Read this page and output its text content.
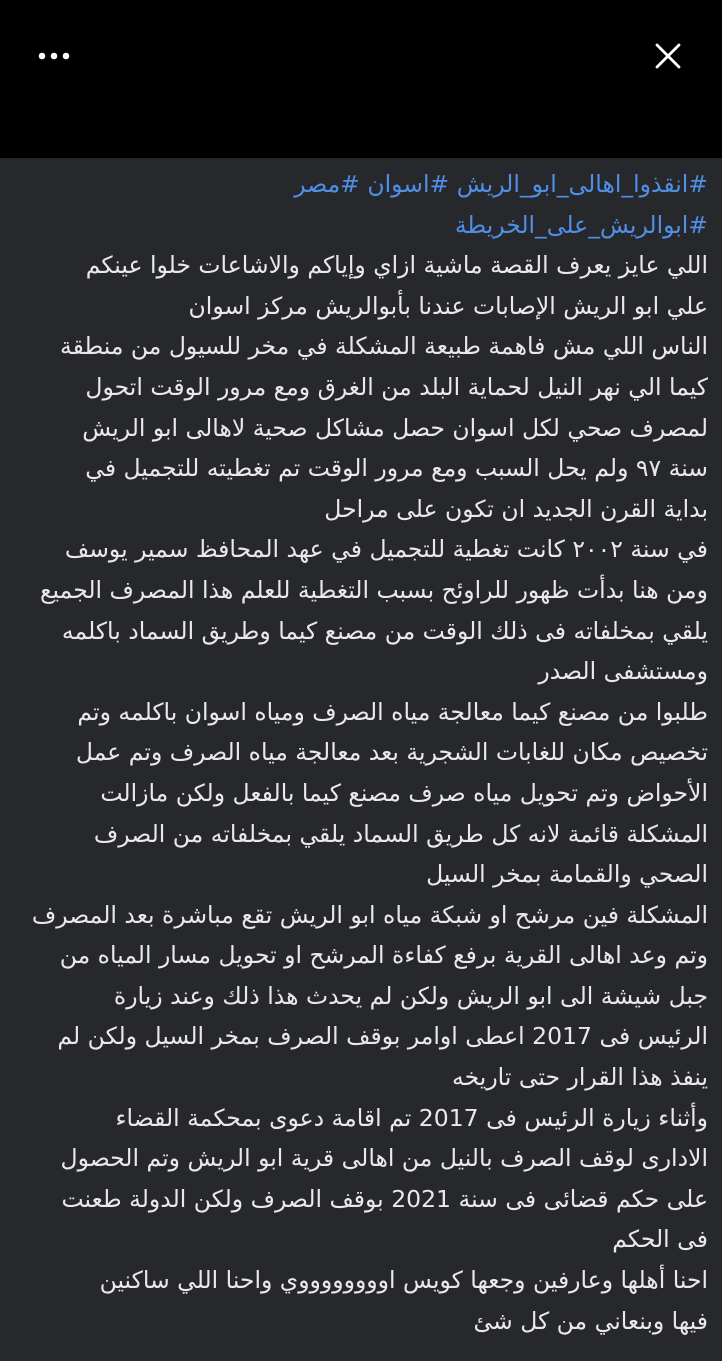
#انقذوا_اهالى_ابو_الريش #اسوان #مصر
#ابوالريش_على_الخريطة
اللي عايز يعرف القصة ماشية ازاي وإياكم والاشاعات خلوا عينكم
علي ابو الريش الإصابات عندنا بأبوالريش مركز اسوان
الناس اللي مش فاهمة طبيعة المشكلة في مخر للسيول من منطقة
كيما الي نهر النيل لحماية البلد من الغرق ومع مرور الوقت اتحول
لمصرف صحي لكل اسوان حصل مشاكل صحية لاهالى ابو الريش
سنة ٩٧ ولم يحل السبب ومع مرور الوقت تم تغطيته للتجميل في
بداية القرن الجديد ان تكون على مراحل
في سنة ٢٠٠٢ كانت تغطية للتجميل في عهد المحافظ سمير يوسف
ومن هنا بدأت ظهور للراوئح بسبب التغطية للعلم هذا المصرف الجميع
يلقي بمخلفاته فى ذلك الوقت من مصنع كيما وطريق السماد باكلمه
ومستشفى الصدر
طلبوا من مصنع كيما معالجة مياه الصرف ومياه اسوان باكلمه وتم
تخصيص مكان للغابات الشجرية بعد معالجة مياه الصرف وتم عمل
الأحواض وتم تحويل مياه صرف مصنع كيما بالفعل ولكن مازالت
المشكلة قائمة لانه كل طريق السماد يلقي بمخلفاته من الصرف
الصحي والقمامة بمخر السيل
المشكلة فين مرشح او شبكة مياه ابو الريش تقع مباشرة بعد المصرف
وتم وعد اهالى القرية برفع كفاءة المرشح او تحويل مسار المياه من
جبل شيشة الى ابو الريش ولكن لم يحدث هذا ذلك وعند زيارة
الرئيس فى 2017 اعطى اوامر بوقف الصرف بمخر السيل ولكن لم
ينفذ هذا القرار حتى تاريخه
وأثناء زيارة الرئيس فى 2017 تم اقامة دعوى بمحكمة القضاء
الادارى لوقف الصرف بالنيل من اهالى قرية ابو الريش وتم الحصول
على حكم قضائى فى سنة 2021 بوقف الصرف ولكن الدولة طعنت
فى الحكم
احنا أهلها وعارفين وجعها كويس اووووووووي واحنا اللي ساكنين
فيها وبنعاني من كل شئ
